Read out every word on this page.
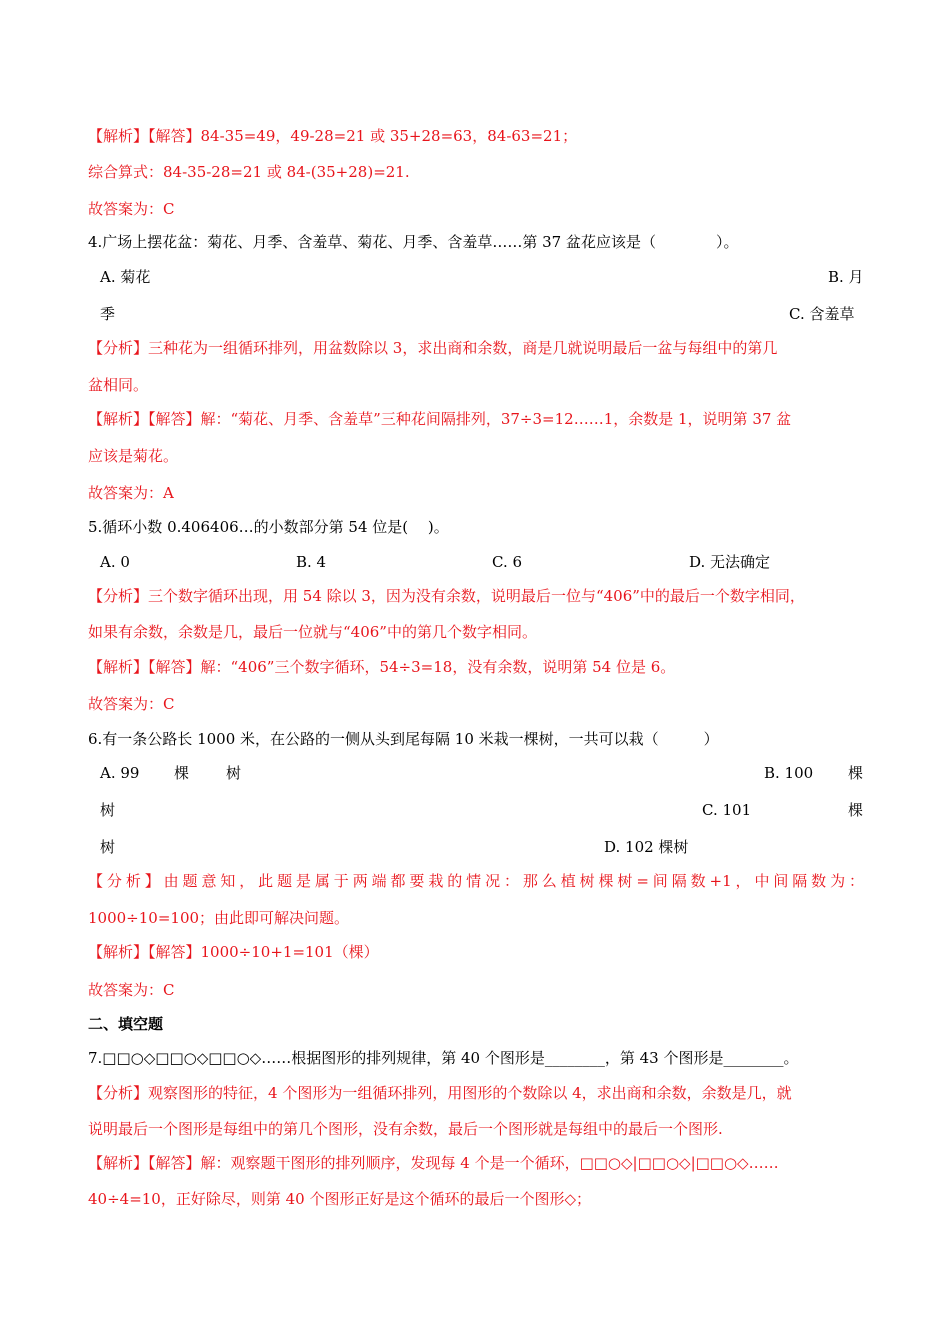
【解析】【解答】84-35=49，49-28=21 或 35+28=63，84-63=21；
综合算式：84-35-28=21 或 84-(35+28)=21.
故答案为：C
4.广场上摆花盆：菊花、月季、含羞草、菊花、月季、含羞草……第 37 盆花应该是（　　　　）。
A. 菊花	B. 月
季	C. 含羞草
【分析】三种花为一组循环排列，用盆数除以 3，求出商和余数，商是几就说明最后一盆与每组中的第几
盆相同。
【解析】【解答】解：“菊花、月季、含羞草”三种花间隔排列，37÷3=12……1，余数是 1，说明第 37 盆
应该是菊花。
故答案为：A
5.循环小数 0.406406…的小数部分第 54 位是(　 )。
A. 0	B. 4	C. 6	D. 无法确定
【分析】三个数字循环出现，用 54 除以 3，因为没有余数，说明最后一位与“406”中的最后一个数字相同，
如果有余数，余数是几，最后一位就与“406”中的第几个数字相同。
【解析】【解答】解：“406”三个数字循环，54÷3=18，没有余数，说明第 54 位是 6。
故答案为：C
6.有一条公路长 1000 米，在公路的一侧从头到尾每隔 10 米栽一棵树，一共可以栽（　　　）
A. 99 棵 树	B. 100 棵
树	C. 101	棵
树	D. 102 棵树
【分析】由题意知，此题是属于两端都要栽的情况：那么植树棵树=间隔数+1，中间隔数为：
1000÷10=100；由此即可解决问题。
【解析】【解答】1000÷10+1=101（棵）
故答案为：C
二、填空题
7.□□○◇□□○◇□□○◇……根据图形的排列规律，第 40 个图形是________，第 43 个图形是________。
【分析】观察图形的特征，4 个图形为一组循环排列，用图形的个数除以 4，求出商和余数，余数是几，就
说明最后一个图形是每组中的第几个图形，没有余数，最后一个图形就是每组中的最后一个图形.
【解析】【解答】解：观察题干图形的排列顺序，发现每 4 个是一个循环，□□○◇|□□○◇|□□○◇……
40÷4=10，正好除尽，则第 40 个图形正好是这个循环的最后一个图形◇；
